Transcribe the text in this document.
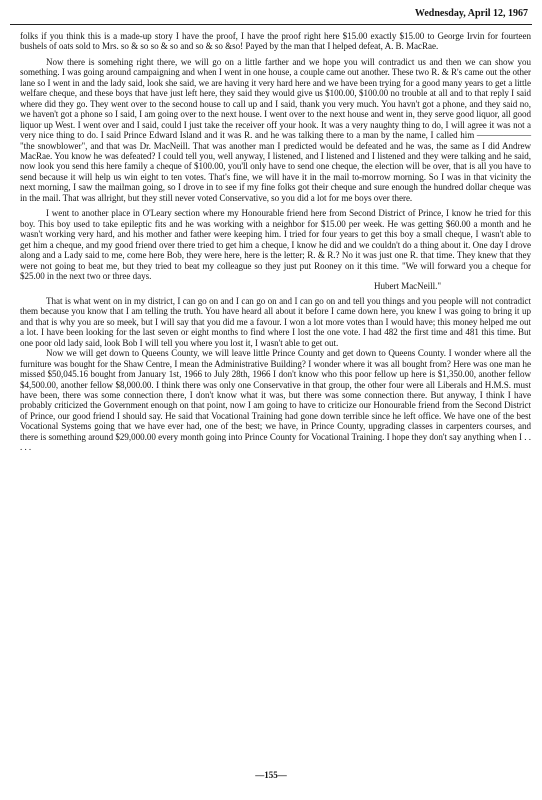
Wednesday, April 12, 1967

folks if you think this is a made-up story I have the proof, I have the proof right here $15.00 exactly $15.00 to George Irvin for fourteen bushels of oats sold to Mrs. so & so so & so and so & so &so! Payed by the man that I helped defeat, A. B. MacRae.

Now there is somehing right there, we will go on a little farther and we hope you will contradict us and then we can show you something. I was going around campaigning and when I went in one house, a couple came out another. These two R. & R's came out the other lane so I went in and the lady said, look she said, we are having it very hard here and we have been trying for a good many years to get a little welfare cheque, and these boys that have just left here, they said they would give us $100.00, $100.00 no trouble at all and to that reply I said where did they go. They went over to the second house to call up and I said, thank you very much. You havn't got a phone, and they said no, we haven't got a phone so I said, I am going over to the next house. I went over to the next house and went in, they serve good liquor, all good liquor up West. I went over and I said, could I just take the receiver off your hook. It was a very naughty thing to do, I will agree it was not a very nice thing to do. I said Prince Edward Island and it was R. and he was talking there to a man by the name, I called him —————— "the snowblower", and that was Dr. MacNeill. That was another man I predicted would be defeated and he was, the same as I did Andrew MacRae. You know he was defeated? I could tell you, well anyway, I listened, and I listened and I listened and they were talking and he said, now look you send this here family a cheque of $100.00, you'll only have to send one cheque, the election will be over, that is all you have to send because it will help us win eight to ten votes. That's fine, we will have it in the mail to-morrow morning. So I was in that vicinity the next morning, I saw the mailman going, so I drove in to see if my fine folks got their cheque and sure enough the hundred dollar cheque was in the mail. That was allright, but they still never voted Conservative, so you did a lot for me boys over there.

I went to another place in O'Leary section where my Honourable friend here from Second District of Prince, I know he tried for this boy. This boy used to take epileptic fits and he was working with a neighbor for $15.00 per week. He was getting $60.00 a month and he wasn't working very hard, and his mother and father were keeping him. I tried for four years to get this boy a small cheque, I wasn't able to get him a cheque, and my good friend over there tried to get him a cheque, I know he did and we couldn't do a thing about it. One day I drove along and a Lady said to me, come here Bob, they were here, here is the letter; R. & R.? No it was just one R. that time. They knew that they were not going to beat me, but they tried to beat my colleague so they just put Rooney on it this time. "We will forward you a cheque for $25.00 in the next two or three days.

Hubert MacNeill."

That is what went on in my district, I can go on and I can go on and I can go on and tell you things and you people will not contradict them because you know that I am telling the truth. You have heard all about it before I came down here, you knew I was going to bring it up and that is why you are so meek, but I will say that you did me a favour. I won a lot more votes than I would have; this money helped me out a lot. I have been looking for the last seven or eight months to find where I lost the one vote. I had 482 the first time and 481 this time. But one poor old lady said, look Bob I will tell you where you lost it, I wasn't able to get out.

Now we will get down to Queens County, we will leave little Prince County and get down to Queens County. I wonder where all the furniture was bought for the Shaw Centre, I mean the Administrative Building? I wonder where it was all bought from? Here was one man he missed $50,045.16 bought from January 1st, 1966 to July 28th, 1966 I don't know who this poor fellow up here is $1,350.00, another fellow $4,500.00, another fellow $8,000.00. I think there was only one Conservative in that group, the other four were all Liberals and H.M.S. must have been, there was some connection there, I don't know what it was, but there was some connection there. But anyway, I think I have probably criticized the Government enough on that point, now I am going to have to criticize our Honourable friend from the Second District of Prince, our good friend I should say. He said that Vocational Training had gone down terrible since he left office. We have one of the best Vocational Systems going that we have ever had, one of the best; we have, in Prince County, upgrading classes in carpenters courses, and there is something around $29,000.00 every month going into Prince County for Vocational Training. I hope they don't say anything when I . . . . .

—155—
